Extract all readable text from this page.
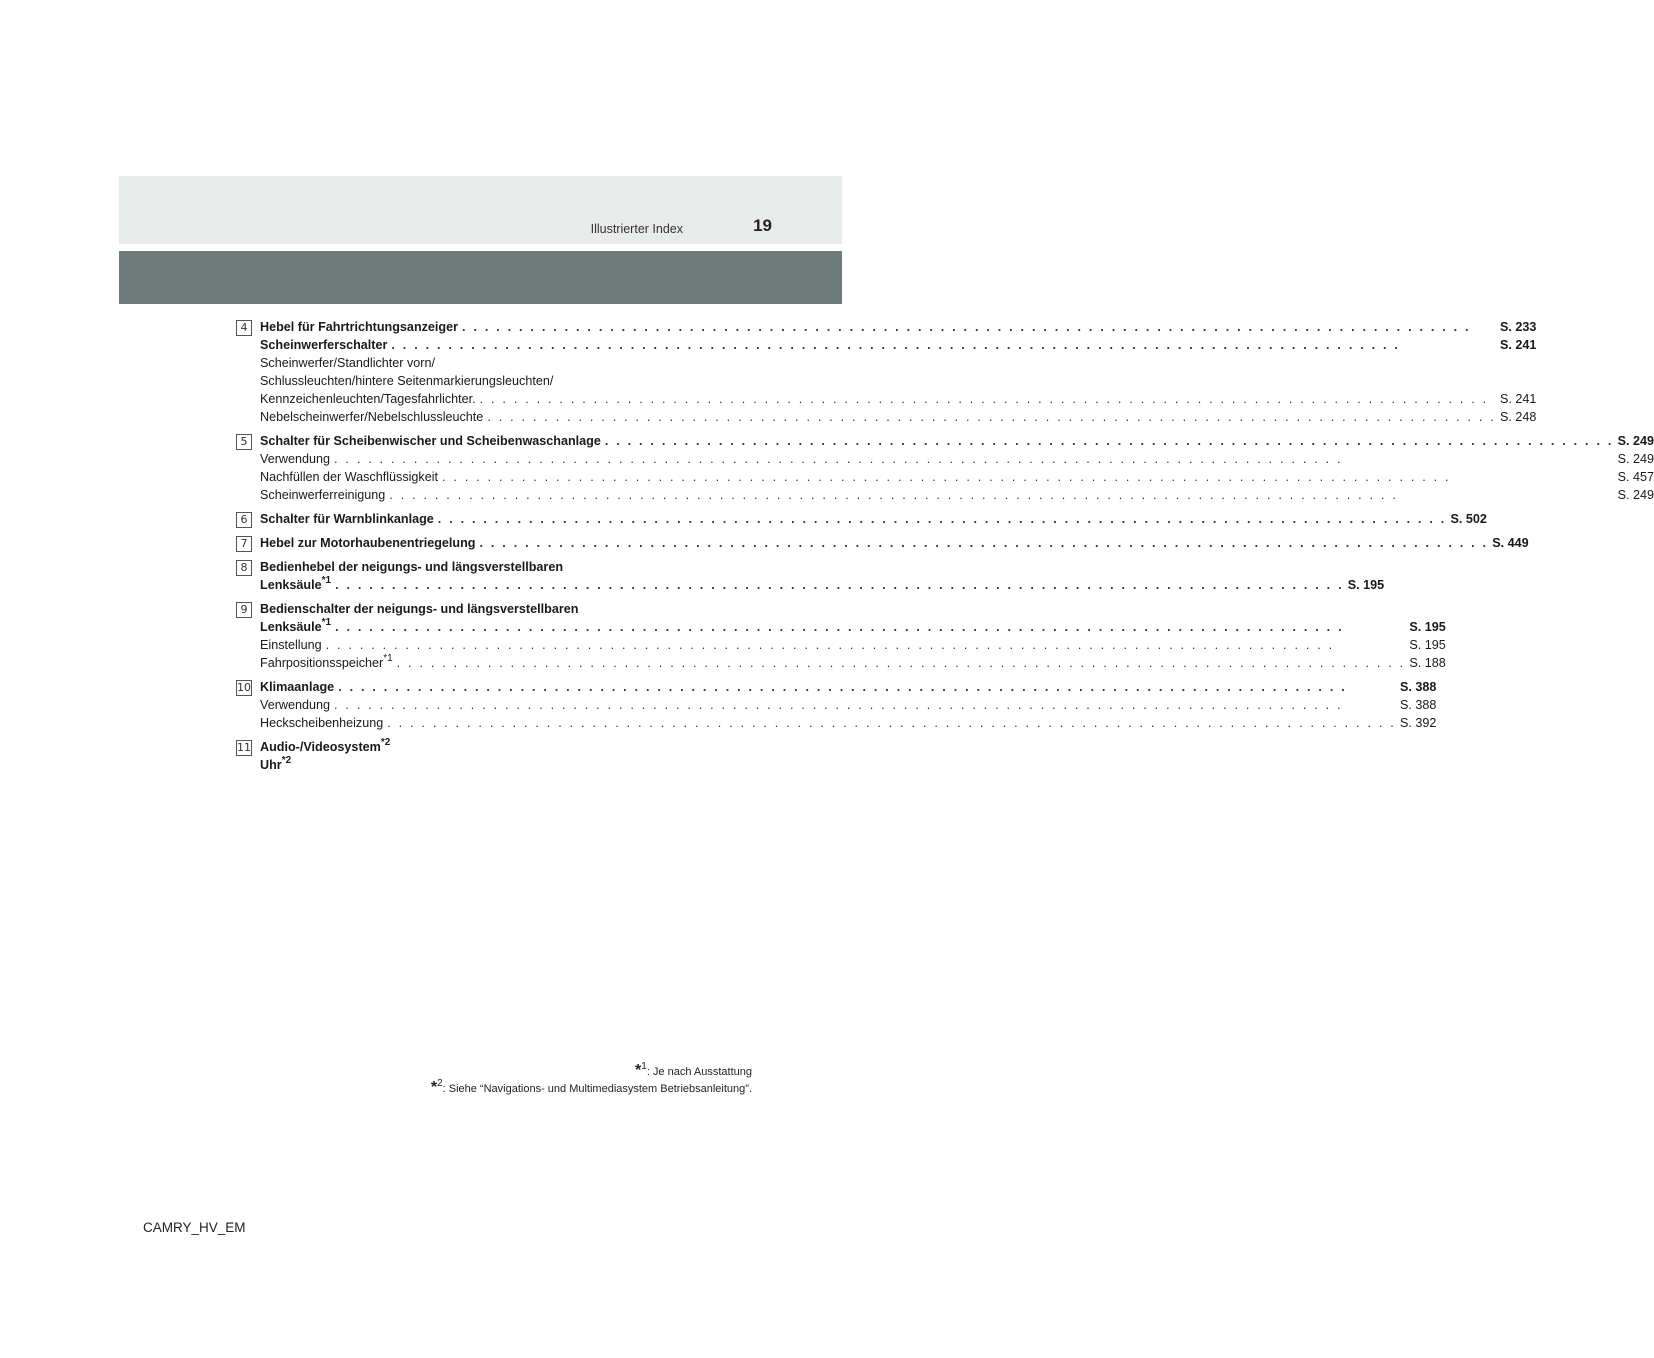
Illustrierter Index	19
4 Hebel für Fahrtrichtungsanzeiger . . .	S. 233
Scheinwerferschalter . . .	S. 241
Scheinwerfer/Standlichter vorn/
Schlussleuchten/hintere Seitenmarkierungsleuchten/
Kennzeichenleuchten/Tagesfahrlichter. . . .	S. 241
Nebelscheinwerfer/Nebelschlussleuchte . . .	S. 248
5 Schalter für Scheibenwischer und Scheibenwaschanlage . . .	S. 249
Verwendung . . .	S. 249
Nachfüllen der Waschflüssigkeit . . .	S. 457
Scheinwerferreinigung . . .	S. 249
6 Schalter für Warnblinkanlage . . .	S. 502
7 Hebel zur Motorhaubenentriegelung . . .	S. 449
8 Bedienhebel der neigungs- und längsverstellbaren
Lenksäule$^{*1}$ . . .	S. 195
9 Bedienschalter der neigungs- und längsverstellbaren
Lenksäule$^{*1}$ . . .	S. 195
Einstellung . . .	S. 195
Fahrpositionsspeicher$^{*1}$ . . .	S. 188
10 Klimaanlage . . .	S. 388
Verwendung . . .	S. 388
Heckscheibenheizung . . .	S. 392
11 Audio-/Videosystem$^{*2}$
Uhr$^{*2}$
*$^1$: Je nach Ausstattung
*$^2$: Siehe “Navigations- und Multimediasystem Betriebsanleitung”.
CAMRY_HV_EM
